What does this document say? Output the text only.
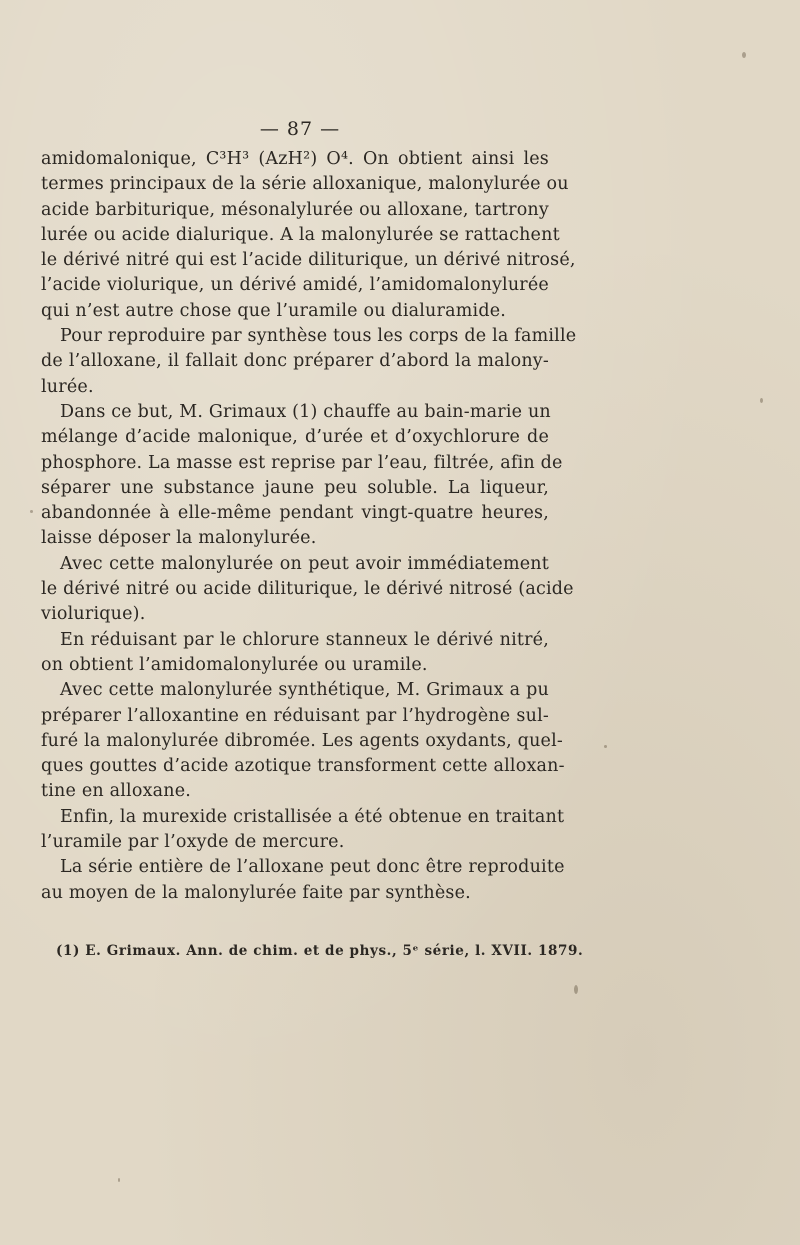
— 87 —
amidomalonique, C³H³ (AzH²) O⁴. On obtient ainsi les
termes principaux de la série alloxanique, malonylurée ou
acide barbiturique, mésonalylurée ou alloxane, tartrony
lurée ou acide dialurique. A la malonylurée se rattachent
le dérivé nitré qui est l’acide dilituriquе, un dérivé nitrosé,
l’acide violurique, un dérivé amidé, l’amidomalonylurée
qui n’est autre chose que l’uramile ou dialuramide.
Pour reproduire par synthèse tous les corps de la famille
de l’alloxane, il fallait donc préparer d’abord la malony-
lurée.
Dans ce but, M. Grimaux (1) chauffe au bain-marie un
mélange d’acide malonique, d’urée et d’oxychlorure de
phosphore. La masse est reprise par l’eau, filtrée, afin de
séparer une substance jaune peu soluble. La liqueur,
abandonnée à elle-même pendant vingt-quatre heures,
laisse déposer la malonylurée.
Avec cette malonylurée on peut avoir immédiatement
le dérivé nitré ou acide dilituriquе, le dérivé nitrosé (acide
violurique).
En réduisant par le chlorure stanneux le dérivé nitré,
on obtient l’amidomalonylurée ou uramile.
Avec cette malonylurée synthétique, M. Grimaux a pu
préparer l’alloxantine en réduisant par l’hydrogène sul-
furé la malonylurée dibromée. Les agents oxydants, quel-
ques gouttes d’acide azotique transforment cette alloxan-
tine en alloxane.
Enfin, la murexide cristallisée a été obtenue en traitant
l’uramile par l’oxyde de mercure.
La série entière de l’alloxane peut donc être reproduite
au moyen de la malonylurée faite par synthèse.
(1) E. Grimaux. Ann. de chim. et de phys., 5ᵉ série, l. XVII. 1879.
